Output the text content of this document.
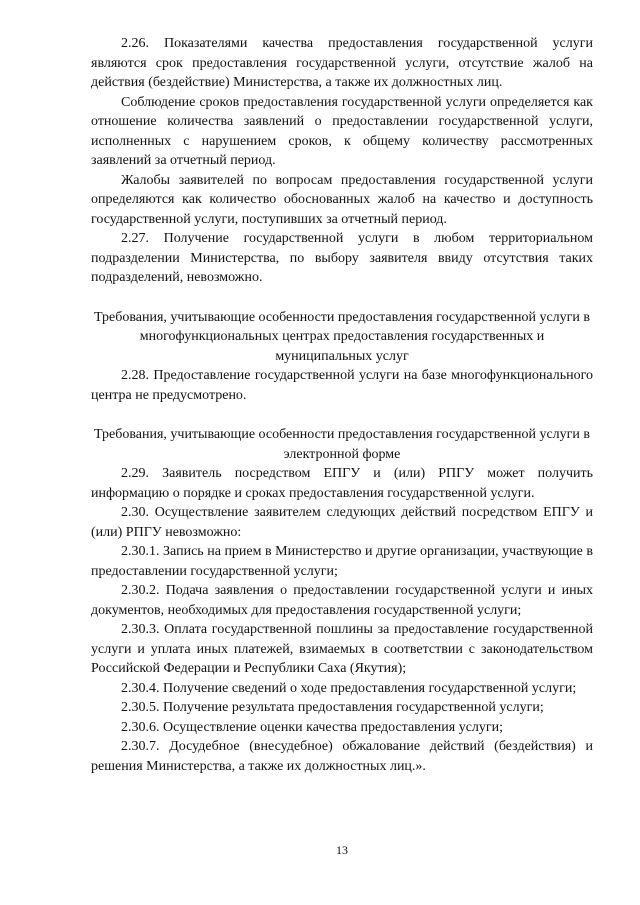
2.26. Показателями качества предоставления государственной услуги являются срок предоставления государственной услуги, отсутствие жалоб на действия (бездействие) Министерства, а также их должностных лиц.

Соблюдение сроков предоставления государственной услуги определяется как отношение количества заявлений о предоставлении государственной услуги, исполненных с нарушением сроков, к общему количеству рассмотренных заявлений за отчетный период.

Жалобы заявителей по вопросам предоставления государственной услуги определяются как количество обоснованных жалоб на качество и доступность государственной услуги, поступивших за отчетный период.

2.27. Получение государственной услуги в любом территориальном подразделении Министерства, по выбору заявителя ввиду отсутствия таких подразделений, невозможно.

Требования, учитывающие особенности предоставления государственной услуги в многофункциональных центрах предоставления государственных и муниципальных услуг

2.28. Предоставление государственной услуги на базе многофункционального центра не предусмотрено.

Требования, учитывающие особенности предоставления государственной услуги в электронной форме

2.29. Заявитель посредством ЕПГУ и (или) РПГУ может получить информацию о порядке и сроках предоставления государственной услуги.

2.30. Осуществление заявителем следующих действий посредством ЕПГУ и (или) РПГУ невозможно:

2.30.1. Запись на прием в Министерство и другие организации, участвующие в предоставлении государственной услуги;

2.30.2. Подача заявления о предоставлении государственной услуги и иных документов, необходимых для предоставления государственной услуги;

2.30.3. Оплата государственной пошлины за предоставление государственной услуги и уплата иных платежей, взимаемых в соответствии с законодательством Российской Федерации и Республики Саха (Якутия);

2.30.4. Получение сведений о ходе предоставления государственной услуги;

2.30.5. Получение результата предоставления государственной услуги;

2.30.6. Осуществление оценки качества предоставления услуги;

2.30.7. Досудебное (внесудебное) обжалование действий (бездействия) и решения Министерства, а также их должностных лиц.».

13
